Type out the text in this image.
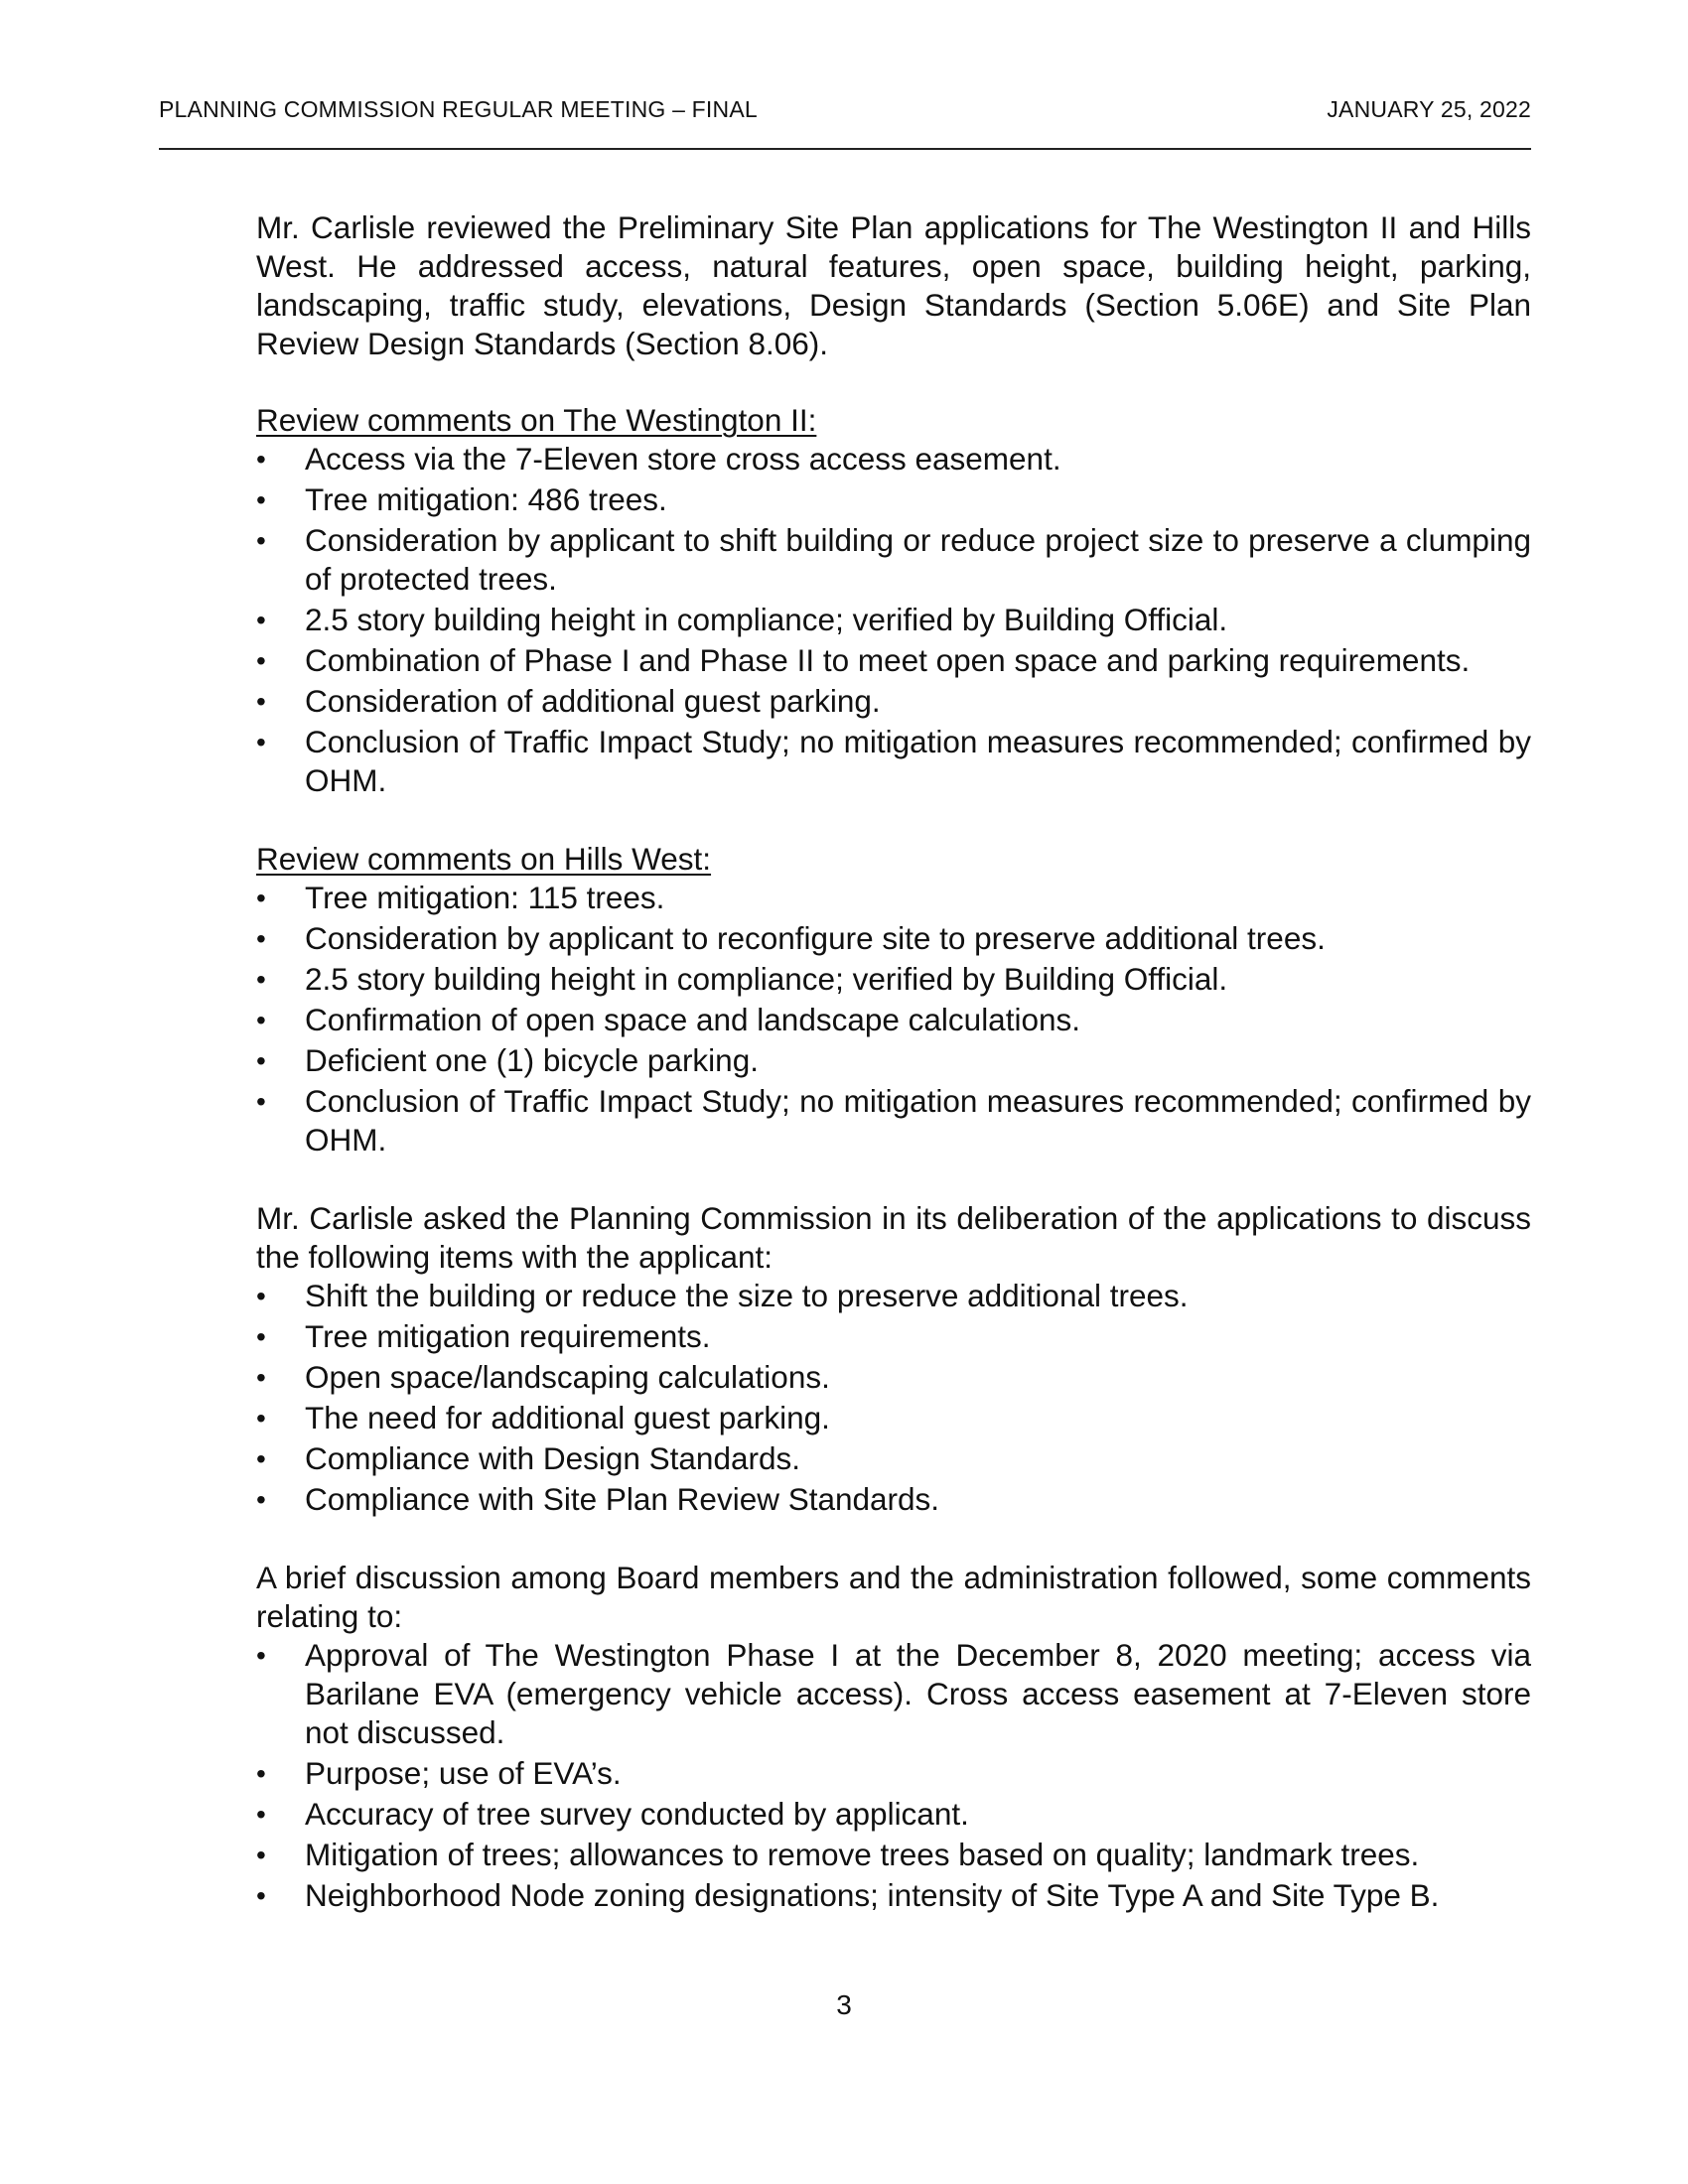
PLANNING COMMISSION REGULAR MEETING – FINAL	JANUARY 25, 2022

Mr. Carlisle reviewed the Preliminary Site Plan applications for The Westington II and Hills West. He addressed access, natural features, open space, building height, parking, landscaping, traffic study, elevations, Design Standards (Section 5.06E) and Site Plan Review Design Standards (Section 8.06).

Review comments on The Westington II:

•	Access via the 7-Eleven store cross access easement.
•	Tree mitigation: 486 trees.
•	Consideration by applicant to shift building or reduce project size to preserve a clumping of protected trees.
•	2.5 story building height in compliance; verified by Building Official.
•	Combination of Phase I and Phase II to meet open space and parking requirements.
•	Consideration of additional guest parking.
•	Conclusion of Traffic Impact Study; no mitigation measures recommended; confirmed by OHM.

Review comments on Hills West:

•	Tree mitigation: 115 trees.
•	Consideration by applicant to reconfigure site to preserve additional trees.
•	2.5 story building height in compliance; verified by Building Official.
•	Confirmation of open space and landscape calculations.
•	Deficient one (1) bicycle parking.
•	Conclusion of Traffic Impact Study; no mitigation measures recommended; confirmed by OHM.

Mr. Carlisle asked the Planning Commission in its deliberation of the applications to discuss the following items with the applicant:

•	Shift the building or reduce the size to preserve additional trees.
•	Tree mitigation requirements.
•	Open space/landscaping calculations.
•	The need for additional guest parking.
•	Compliance with Design Standards.
•	Compliance with Site Plan Review Standards.

A brief discussion among Board members and the administration followed, some comments relating to:

•	Approval of The Westington Phase I at the December 8, 2020 meeting; access via Barilane EVA (emergency vehicle access). Cross access easement at 7-Eleven store not discussed.
•	Purpose; use of EVA’s.
•	Accuracy of tree survey conducted by applicant.
•	Mitigation of trees; allowances to remove trees based on quality; landmark trees.
•	Neighborhood Node zoning designations; intensity of Site Type A and Site Type B.
3
